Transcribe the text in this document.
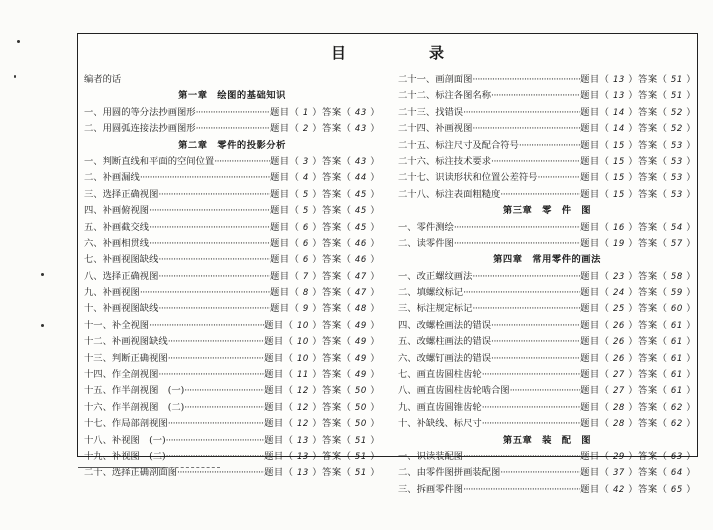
目　录
编者的话
第一章　绘图的基础知识
一、 用圆的等分法抄画图形 ·····	题目（ 1 ）答案（ 43 ）
二、 用圆弧连接法抄画图形 ·····	题目（ 2 ）答案（ 43 ）
第二章　零件的投影分析
一、 判断直线和平面的空间位置 ·····	题目（ 3 ）答案（ 43 ）
二、 补画漏线 ·····	题目（ 4 ）答案（ 44 ）
三、 选择正确视图 ·····	题目（ 5 ）答案（ 45 ）
四、 补画俯视图 ·····	题目（ 5 ）答案（ 45 ）
五、 补画截交线 ·····	题目（ 6 ）答案（ 45 ）
六、 补画相贯线 ·····	题目（ 6 ）答案（ 46 ）
七、 补画视图缺线 ·····	题目（ 6 ）答案（ 46 ）
八、 选择正确视图 ·····	题目（ 7 ）答案（ 47 ）
九、 补画视图 ·····	题目（ 8 ）答案（ 47 ）
十、 补画视图缺线 ·····	题目（ 9 ）答案（ 48 ）
十一、 补全视图 ·····	题目（ 10 ）答案（ 49 ）
十二、 补画视图缺线 ·····	题目（ 10 ）答案（ 49 ）
十三、 判断正确视图 ·····	题目（ 10 ）答案（ 49 ）
十四、 作全剖视图 ·····	题目（ 11 ）答案（ 49 ）
十五、 作半剖视图　(一) ·····	题目（ 12 ）答案（ 50 ）
十六、 作半剖视图　(二) ·····	题目（ 12 ）答案（ 50 ）
十七、 作局部剖视图 ·····	题目（ 12 ）答案（ 50 ）
十八、 补视图　(一) ·····	题目（ 13 ）答案（ 51 ）
十九、 补视图　(二) ·····	题目（ 13 ）答案（ 51 ）
二十、 选择正确剖面图 ·····	题目（ 13 ）答案（ 51 ）
二十一、 画剖面图 ·····	题目（ 13 ）答案（ 51 ）
二十二、 标注各图名称 ·····	题目（ 13 ）答案（ 51 ）
二十三、 找错误 ·····	题目（ 14 ）答案（ 52 ）
二十四、 补画视图 ·····	题目（ 14 ）答案（ 52 ）
二十五、 标注尺寸及配合符号 ·····	题目（ 15 ）答案（ 53 ）
二十六、 标注技术要求 ·····	题目（ 15 ）答案（ 53 ）
二十七、 识读形状和位置公差符号 ·····	题目（ 15 ）答案（ 53 ）
二十八、 标注表面粗糙度 ·····	题目（ 15 ）答案（ 53 ）
第三章　零　件　图
一、 零件测绘 ·····	题目（ 16 ）答案（ 54 ）
二、 读零件图 ·····	题目（ 19 ）答案（ 57 ）
第四章　常用零件的画法
一、 改正螺纹画法 ·····	题目（ 23 ）答案（ 58 ）
二、 填螺纹标记 ·····	题目（ 24 ）答案（ 59 ）
三、 标注规定标记 ·····	题目（ 25 ）答案（ 60 ）
四、 改螺栓画法的错误 ·····	题目（ 26 ）答案（ 61 ）
五、 改螺柱画法的错误 ·····	题目（ 26 ）答案（ 61 ）
六、 改螺钉画法的错误 ·····	题目（ 26 ）答案（ 61 ）
七、 画直齿圆柱齿轮 ·····	题目（ 27 ）答案（ 61 ）
八、 画直齿圆柱齿轮啮合图 ·····	题目（ 27 ）答案（ 61 ）
九、 画直齿圆锥齿轮 ·····	题目（ 28 ）答案（ 62 ）
十、 补缺线、标尺寸 ·····	题目（ 28 ）答案（ 62 ）
第五章　装　配　图
一、 识读装配图 ·····	题目（ 29 ）答案（ 63 ）
二、 由零件图拼画装配图 ·····	题目（ 37 ）答案（ 64 ）
三、 拆画零件图 ·····	题目（ 42 ）答案（ 65 ）
